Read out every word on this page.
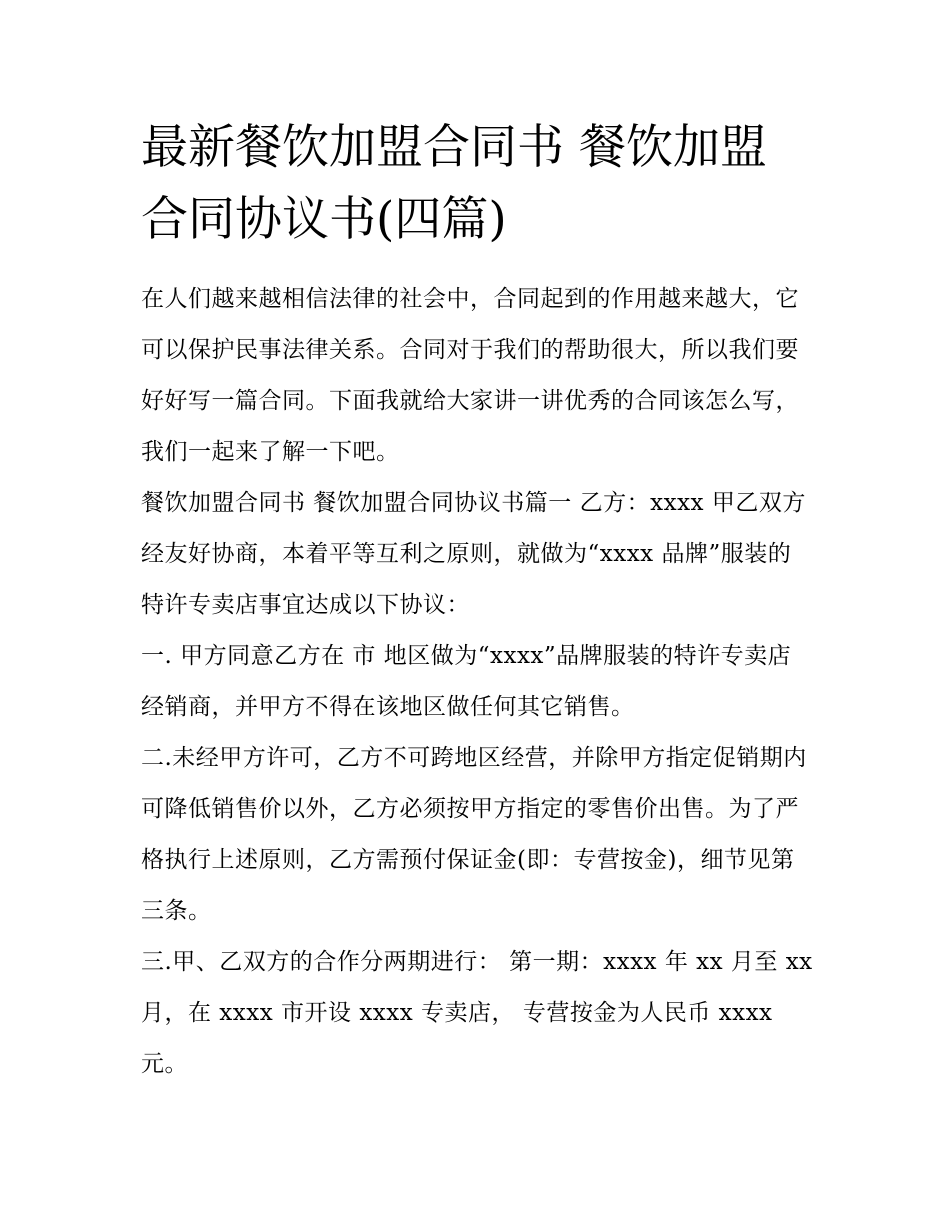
最新餐饮加盟合同书 餐饮加盟合同协议书(四篇)

在人们越来越相信法律的社会中，合同起到的作用越来越大，它可以保护民事法律关系。合同对于我们的帮助很大，所以我们要好好写一篇合同。下面我就给大家讲一讲优秀的合同该怎么写，我们一起来了解一下吧。

餐饮加盟合同书 餐饮加盟合同协议书篇一 乙方：xxxx 甲乙双方经友好协商，本着平等互利之原则，就做为“xxxx 品牌”服装的特许专卖店事宜达成以下协议：

一. 甲方同意乙方在 市 地区做为“xxxx”品牌服装的特许专卖店经销商，并甲方不得在该地区做任何其它销售。

二.未经甲方许可，乙方不可跨地区经营，并除甲方指定促销期内可降低销售价以外，乙方必须按甲方指定的零售价出售。为了严格执行上述原则，乙方需预付保证金(即：专营按金)，细节见第三条。

三.甲、乙双方的合作分两期进行： 第一期：xxxx 年 xx 月至 xx 月，在 xxxx 市开设 xxxx 专卖店， 专营按金为人民币 xxxx 元。
